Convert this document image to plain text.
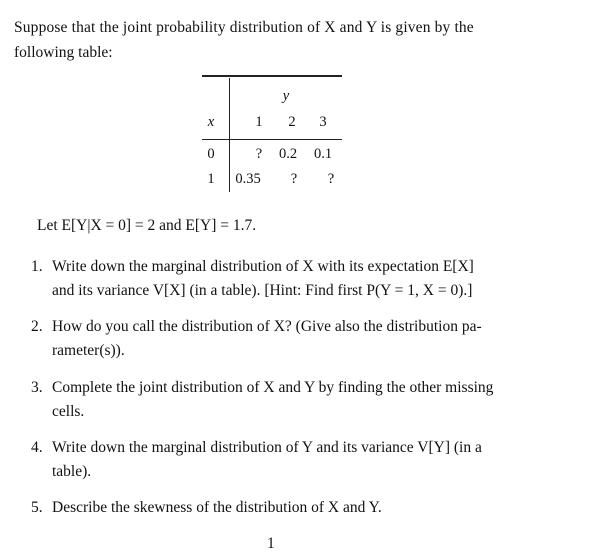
Suppose that the joint probability distribution of X and Y is given by the
following table:
y
x	1	2	3
0	?	0.2	0.1
1	0.35	?	?
Let E[Y|X = 0] = 2 and E[Y] = 1.7.
1. Write down the marginal distribution of X with its expectation E[X]
and its variance V[X] (in a table). [Hint: Find first P(Y = 1, X = 0).]
2. How do you call the distribution of X? (Give also the distribution pa-
rameter(s)).
3. Complete the joint distribution of X and Y by finding the other missing
cells.
4. Write down the marginal distribution of Y and its variance V[Y] (in a
table).
5. Describe the skewness of the distribution of X and Y.
1
